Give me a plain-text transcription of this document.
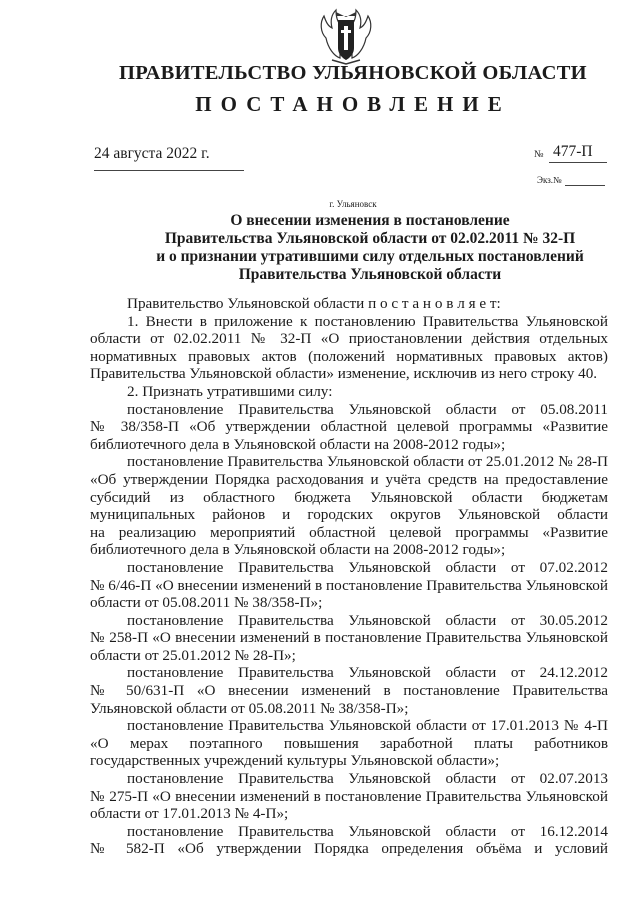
ПРАВИТЕЛЬСТВО УЛЬЯНОВСКОЙ ОБЛАСТИ
ПОСТАНОВЛЕНИЕ
24 августа 2022 г.	№ 477-П
Экз.№
г. Ульяновск
О внесении изменения в постановление
Правительства Ульяновской области от 02.02.2011 № 32-П
и о признании утратившими силу отдельных постановлений
Правительства Ульяновской области
Правительство Ульяновской области п о с т а н о в л я е т:
1. Внести в приложение к постановлению Правительства Ульяновской
области от 02.02.2011 № 32-П «О приостановлении действия отдельных
нормативных правовых актов (положений нормативных правовых актов)
Правительства Ульяновской области» изменение, исключив из него строку 40.
2. Признать утратившими силу:
постановление Правительства Ульяновской области от 05.08.2011
№ 38/358-П «Об утверждении областной целевой программы «Развитие
библиотечного дела в Ульяновской области на 2008-2012 годы»;
постановление Правительства Ульяновской области от 25.01.2012 № 28-П
«Об утверждении Порядка расходования и учёта средств на предоставление
субсидий из областного бюджета Ульяновской области бюджетам
муниципальных районов и городских округов Ульяновской области
на реализацию мероприятий областной целевой программы «Развитие
библиотечного дела в Ульяновской области на 2008-2012 годы»;
постановление Правительства Ульяновской области от 07.02.2012
№ 6/46-П «О внесении изменений в постановление Правительства Ульяновской
области от 05.08.2011 № 38/358-П»;
постановление Правительства Ульяновской области от 30.05.2012
№ 258-П «О внесении изменений в постановление Правительства Ульяновской
области от 25.01.2012 № 28-П»;
постановление Правительства Ульяновской области от 24.12.2012
№ 50/631-П «О внесении изменений в постановление Правительства
Ульяновской области от 05.08.2011 № 38/358-П»;
постановление Правительства Ульяновской области от 17.01.2013 № 4-П
«О мерах поэтапного повышения заработной платы работников
государственных учреждений культуры Ульяновской области»;
постановление Правительства Ульяновской области от 02.07.2013
№ 275-П «О внесении изменений в постановление Правительства Ульяновской
области от 17.01.2013 № 4-П»;
постановление Правительства Ульяновской области от 16.12.2014
№ 582-П «Об утверждении Порядка определения объёма и условий
